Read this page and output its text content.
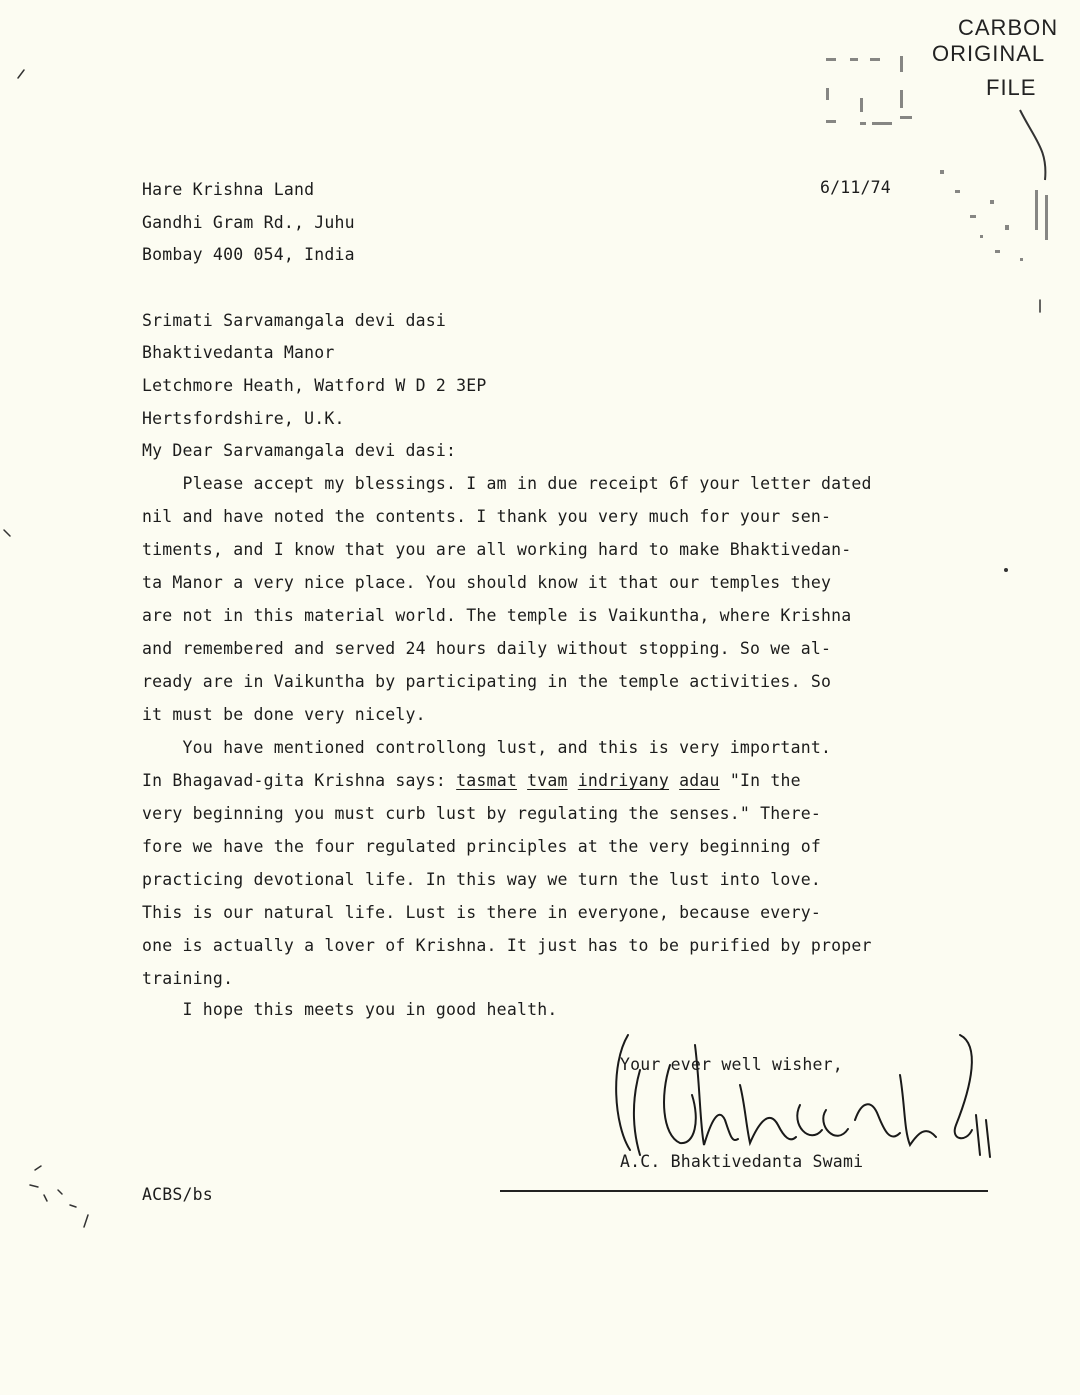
CARBON
ORIGINAL
FILE
6/11/74
Hare Krishna Land
Gandhi Gram Rd., Juhu
Bombay 400 054, India
Srimati Sarvamangala devi dasi
Bhaktivedanta Manor
Letchmore Heath, Watford W D 2 3EP
Hertsfordshire, U.K.
My Dear Sarvamangala devi dasi:

Please accept my blessings. I am in due receipt 6f your letter dated

nil and have noted the contents. I thank you very much for your sen-

timents, and I know that you are all working hard to make Bhaktivedan-

ta Manor a very nice place. You should know it that our temples they

are not in this material world. The temple is Vaikuntha, where Krishna

and remembered and served 24 hours daily without stopping. So we al-

ready are in Vaikuntha by participating in the temple activities. So

it must be done very nicely.

You have mentioned controllong lust, and this is very important.

In Bhagavad-gita Krishna says: tasmat tvam indriyany adau "In the

very beginning you must curb lust by regulating the senses." There-

fore we have the four regulated principles at the very beginning of

practicing devotional life. In this way we turn the lust into love.

This is our natural life. Lust is there in everyone, because every-

one is actually a lover of Krishna. It just has to be purified by proper

training.

I hope this meets you in good health.
Your ever well wisher,
A.C. Bhaktivedanta Swami
ACBS/bs
